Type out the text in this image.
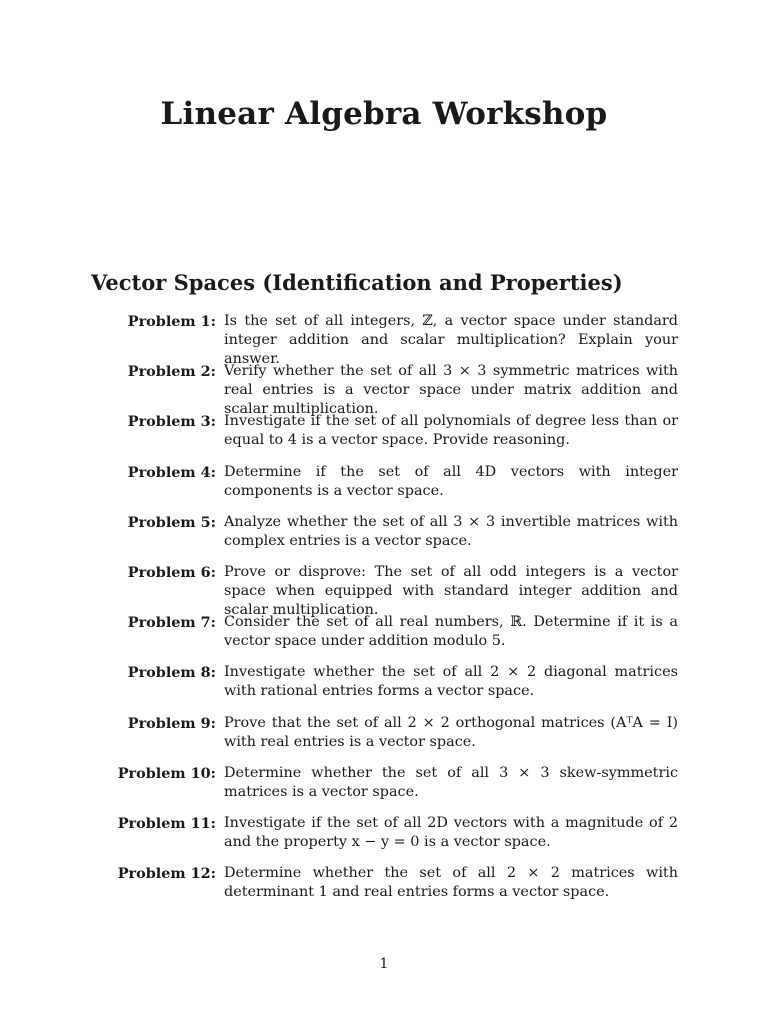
Linear Algebra Workshop
Vector Spaces (Identification and Properties)
Problem 1: Is the set of all integers, ℤ, a vector space under standard integer addition and scalar multiplication? Explain your answer.
Problem 2: Verify whether the set of all 3 × 3 symmetric matrices with real entries is a vector space under matrix addition and scalar multiplication.
Problem 3: Investigate if the set of all polynomials of degree less than or equal to 4 is a vector space. Provide reasoning.
Problem 4: Determine if the set of all 4D vectors with integer components is a vector space.
Problem 5: Analyze whether the set of all 3 × 3 invertible matrices with complex entries is a vector space.
Problem 6: Prove or disprove: The set of all odd integers is a vector space when equipped with standard integer addition and scalar multiplication.
Problem 7: Consider the set of all real numbers, ℝ. Determine if it is a vector space under addition modulo 5.
Problem 8: Investigate whether the set of all 2 × 2 diagonal matrices with rational entries forms a vector space.
Problem 9: Prove that the set of all 2 × 2 orthogonal matrices (AᵀA = I) with real entries is a vector space.
Problem 10: Determine whether the set of all 3 × 3 skew-symmetric matrices is a vector space.
Problem 11: Investigate if the set of all 2D vectors with a magnitude of 2 and the property x − y = 0 is a vector space.
Problem 12: Determine whether the set of all 2 × 2 matrices with determinant 1 and real entries forms a vector space.
1
